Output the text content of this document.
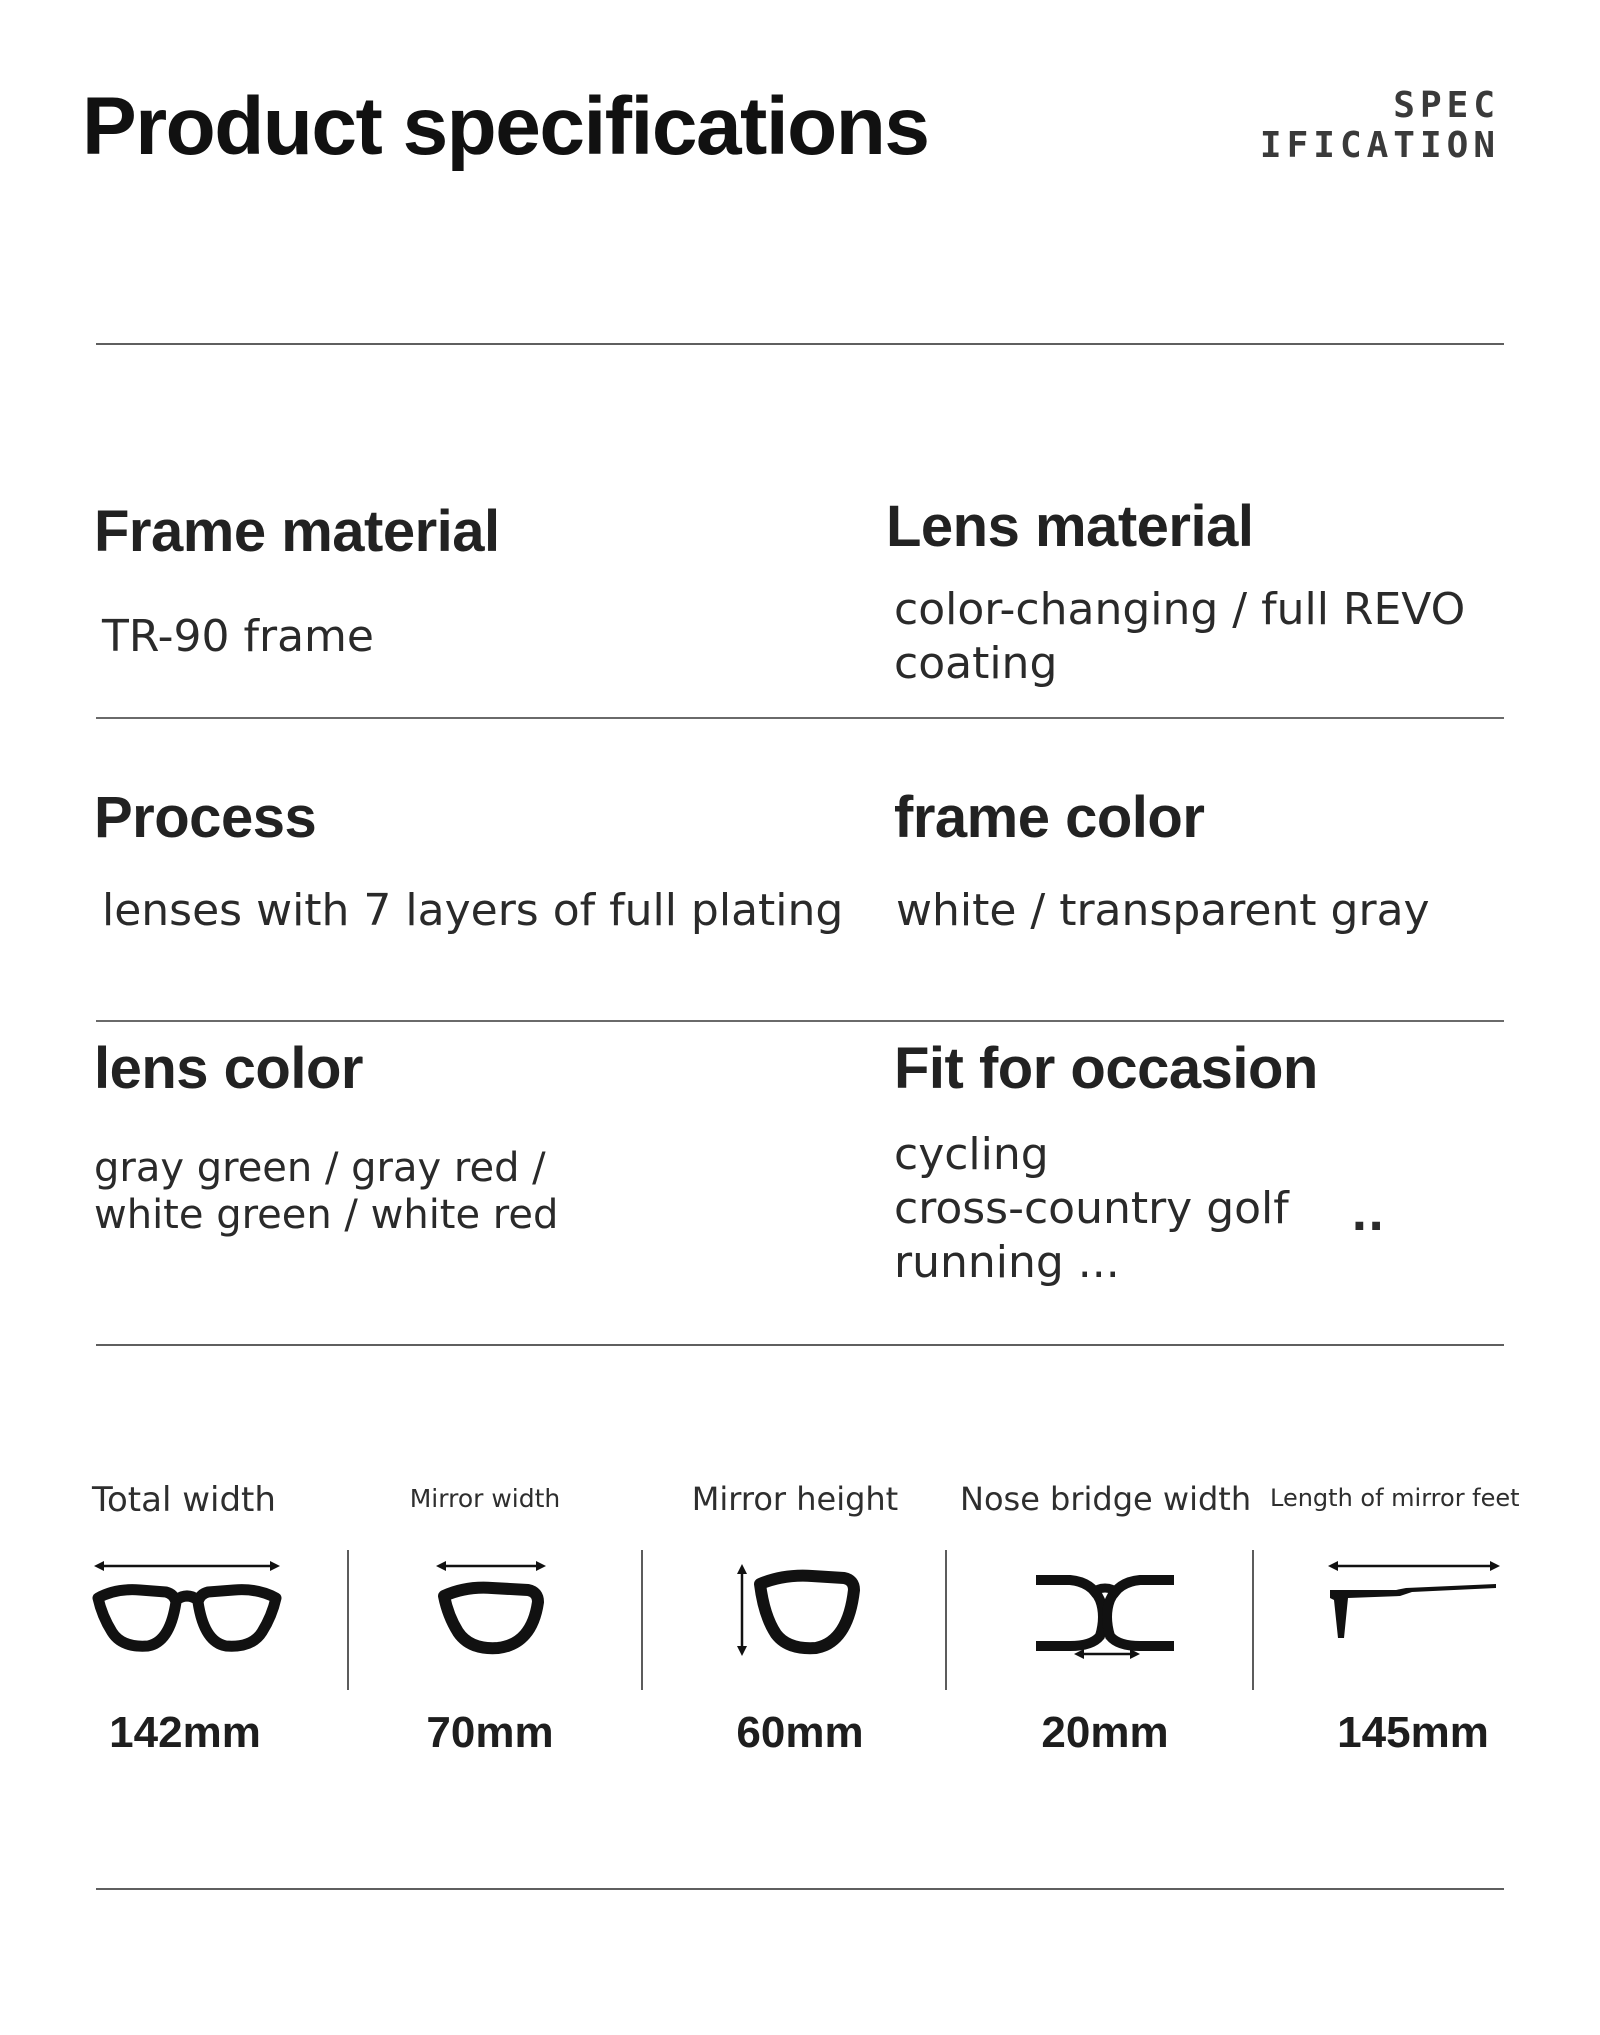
Product specifications	SPEC
IFICATION
Frame material
TR-90 frame
Lens material
color-changing / full REVO
coating
Process
lenses with 7 layers of full plating
frame color
white / transparent gray
lens color
gray green / gray red /
white green / white red
Fit for occasion
cycling
cross-country golf
running ...
..
Total width
142mm
Mirror width
70mm
Mirror height
60mm
Nose bridge width
20mm
Length of mirror feet
145mm
